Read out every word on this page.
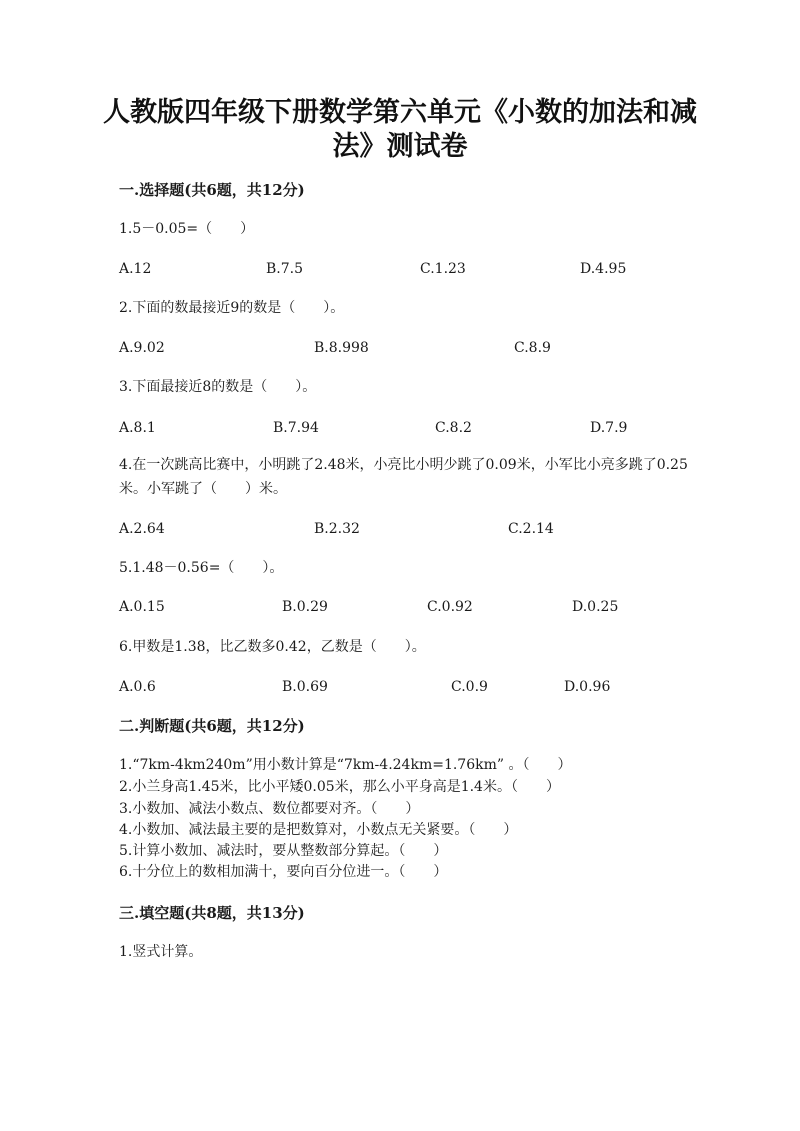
人教版四年级下册数学第六单元《小数的加法和减
法》测试卷
一.选择题(共6题，共12分)
1.5－0.05=（　　）
A.12	B.7.5	C.1.23	D.4.95
2.下面的数最接近9的数是（　　）。
A.9.02	B.8.998	C.8.9
3.下面最接近8的数是（　　）。
A.8.1	B.7.94	C.8.2	D.7.9
4.在一次跳高比赛中，小明跳了2.48米，小亮比小明少跳了0.09米，小军比小亮多跳了0.25米。小军跳了（　　）米。
A.2.64	B.2.32	C.2.14
5.1.48－0.56=（　　）。
A.0.15	B.0.29	C.0.92	D.0.25
6.甲数是1.38，比乙数多0.42，乙数是（　　）。
A.0.6	B.0.69	C.0.9	D.0.96
二.判断题(共6题，共12分)
1.“7km-4km240m”用小数计算是“7km-4.24km=1.76km” 。（　　）
2.小兰身高1.45米，比小平矮0.05米，那么小平身高是1.4米。（　　）
3.小数加、减法小数点、数位都要对齐。（　　）
4.小数加、减法最主要的是把数算对，小数点无关紧要。（　　）
5.计算小数加、减法时，要从整数部分算起。（　　）
6.十分位上的数相加满十，要向百分位进一。（　　）
三.填空题(共8题，共13分)
1.竖式计算。
